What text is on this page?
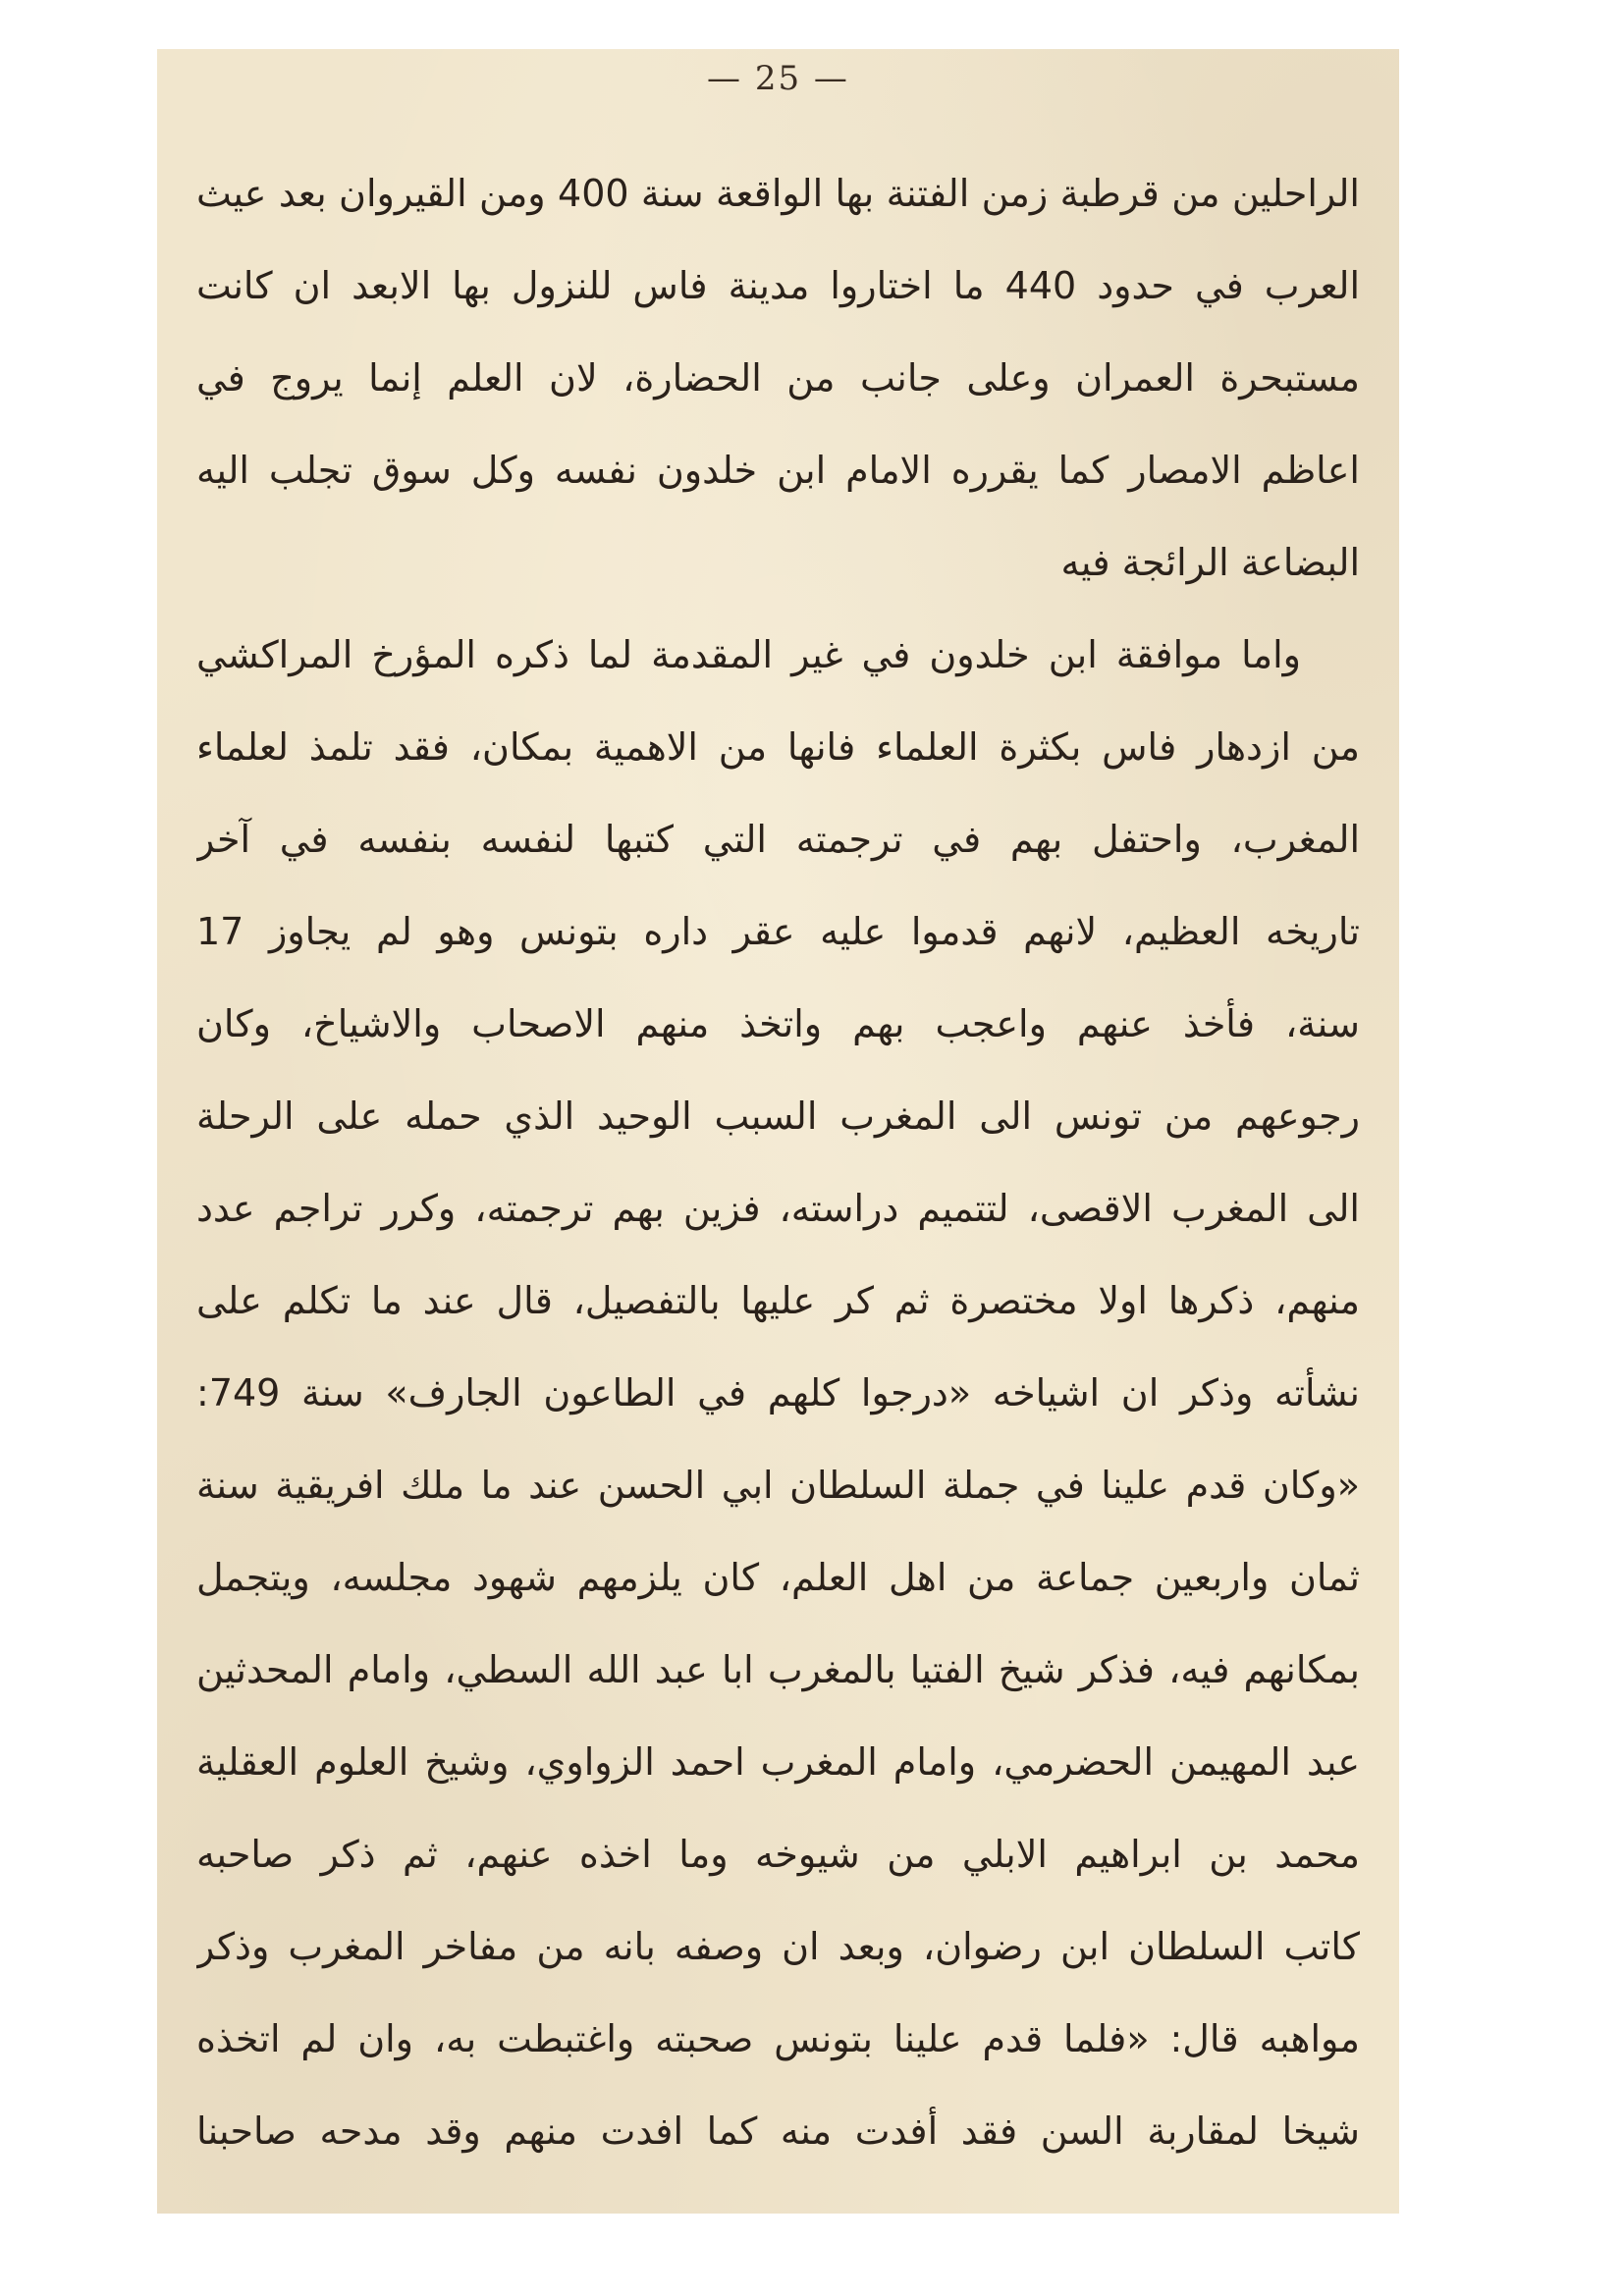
— 25 —
الراحلين من قرطبة زمن الفتنة بها الواقعة سنة 400 ومن القيروان بعد عيث
العرب في حدود 440 ما اختاروا مدينة فاس للنزول بها الابعد ان كانت
مستبحرة العمران وعلى جانب من الحضارة، لان العلم إنما يروج في
اعاظم الامصار كما يقرره الامام ابن خلدون نفسه وكل سوق تجلب اليه
البضاعة الرائجة فيه
واما موافقة ابن خلدون في غير المقدمة لما ذكره المؤرخ المراكشي
من ازدهار فاس بكثرة العلماء فانها من الاهمية بمكان، فقد تلمذ لعلماء
المغرب، واحتفل بهم في ترجمته التي كتبها لنفسه بنفسه في آخر
تاريخه العظيم، لانهم قدموا عليه عقر داره بتونس وهو لم يجاوز 17
سنة، فأخذ عنهم واعجب بهم واتخذ منهم الاصحاب والاشياخ، وكان
رجوعهم من تونس الى المغرب السبب الوحيد الذي حمله على الرحلة
الى المغرب الاقصى، لتتميم دراسته، فزين بهم ترجمته، وكرر تراجم عدد
منهم، ذكرها اولا مختصرة ثم كر عليها بالتفصيل، قال عند ما تكلم على
نشأته وذكر ان اشياخه «درجوا كلهم في الطاعون الجارف» سنة 749:
«وكان قدم علينا في جملة السلطان ابي الحسن عند ما ملك افريقية سنة
ثمان واربعين جماعة من اهل العلم، كان يلزمهم شهود مجلسه، ويتجمل
بمكانهم فيه، فذكر شيخ الفتيا بالمغرب ابا عبد الله السطي، وامام المحدثين
عبد المهيمن الحضرمي، وامام المغرب احمد الزواوي، وشيخ العلوم العقلية
محمد بن ابراهيم الابلي من شيوخه وما اخذه عنهم، ثم ذكر صاحبه
كاتب السلطان ابن رضوان، وبعد ان وصفه بانه من مفاخر المغرب وذكر
مواهبه قال: «فلما قدم علينا بتونس صحبته واغتبطت به، وان لم اتخذه
شيخا لمقاربة السن فقد أفدت منه كما افدت منهم وقد مدحه صاحبنا
